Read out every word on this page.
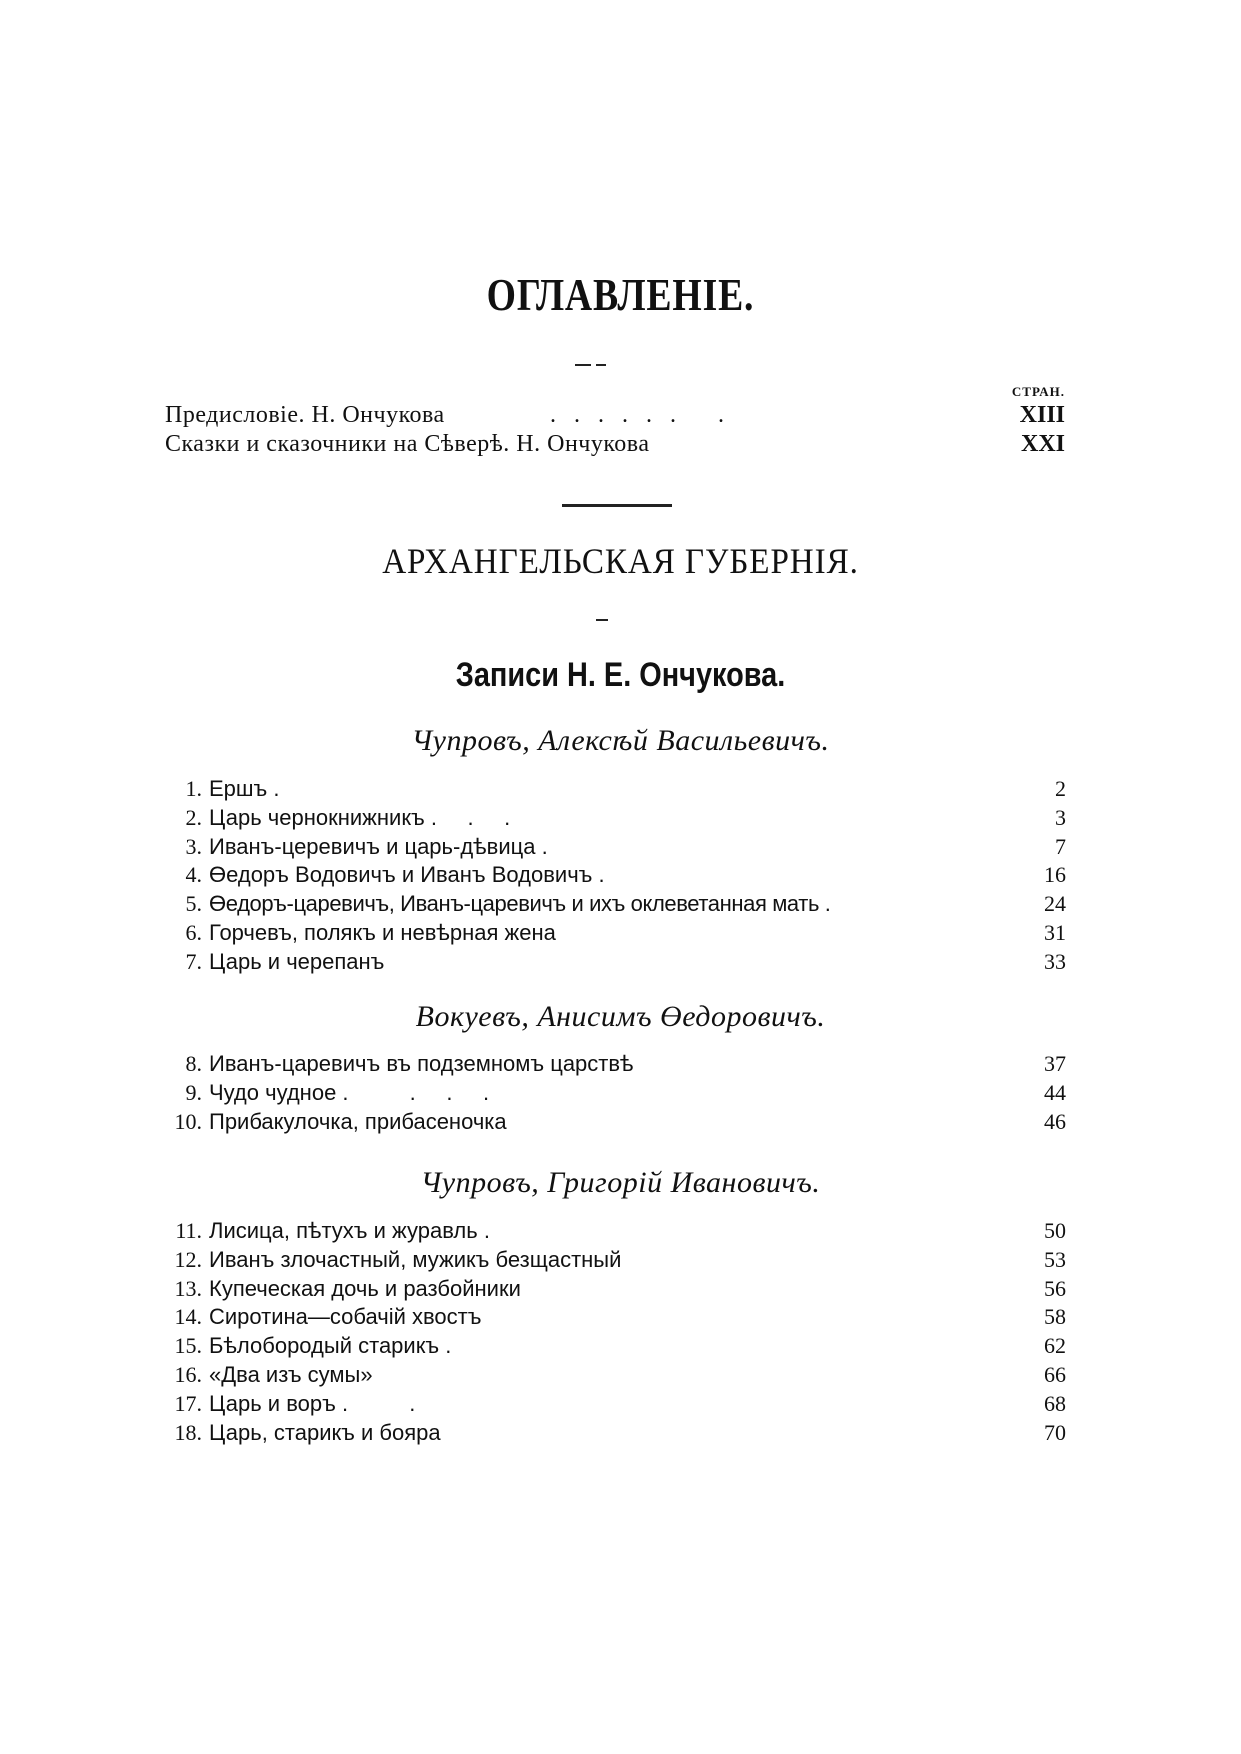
ОГЛАВЛЕНІЕ.
СТРАН.
Предисловіе. Н. Ончукова	. . . . . .   .	XIII
Сказки и сказочники на Сѣверѣ. Н. Ончукова	XXI
АРХАНГЕЛЬСКАЯ ГУБЕРНІЯ.
Записи Н. Е. Ончукова.
Чупровъ, Алексѣй Васильевичъ.
1. Ершъ .	2
2. Царь чернокнижникъ .     .     .	3
3. Иванъ-церевичъ и царь-дѣвица .	7
4. Өедоръ Водовичъ и Иванъ Водовичъ .	16
5. Өедоръ-царевичъ, Иванъ-царевичъ и ихъ оклеветанная мать .	24
6. Горчевъ, полякъ и невѣрная жена	31
7. Царь и черепанъ	33
Вокуевъ, Анисимъ Өедоровичъ.
8. Иванъ-царевичъ въ подземномъ царствѣ	37
9. Чудо чудное .          .     .     .	44
10. Прибакулочка, прибасеночка	46
Чупровъ, Григорій Ивановичъ.
11. Лисица, пѣтухъ и журавль .	50
12. Иванъ злочастный, мужикъ безщастный	53
13. Купеческая дочь и разбойники	56
14. Сиротина—собачій хвостъ	58
15. Бѣлобородый старикъ .	62
16. «Два изъ сумы»	66
17. Царь и воръ .          .	68
18. Царь, старикъ и бояра	70
